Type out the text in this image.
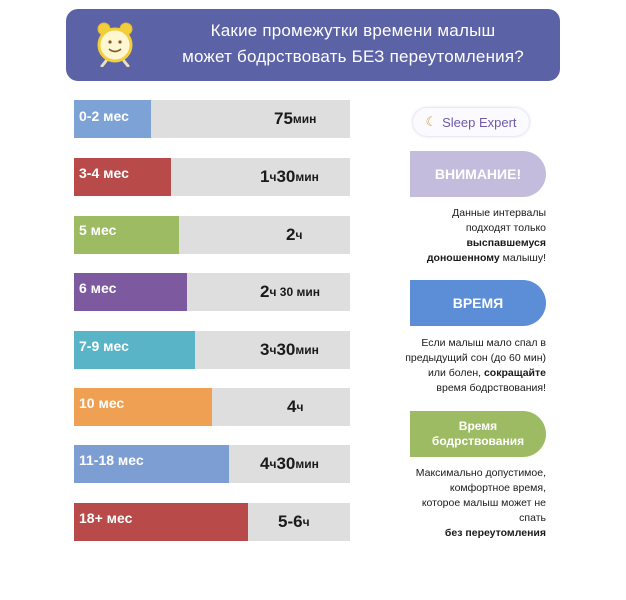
Какие промежутки времени малыш
может бодрствовать БЕЗ переутомления?
0-2 мес	75 мин
3-4 мес	1 ч 30 мин
5 мес	2 ч
6 мес	2 ч 30 мин
7-9 мес	3 ч 30 мин
10 мес	4 ч
11-18 мес	4 ч 30 мин
18+ мес	5-6 ч
☾ Sleep Expert
ВНИМАНИЕ!
Данные интервалы
подходят только
выспавшемуся
доношенному малышу!
ВРЕМЯ
Если малыш мало спал в
предыдущий сон (до 60 мин)
или болен, сокращайте
время бодрствования!
Время
бодрствования
Максимально допустимое,
комфортное время,
которое малыш может не
спать
без переутомления
